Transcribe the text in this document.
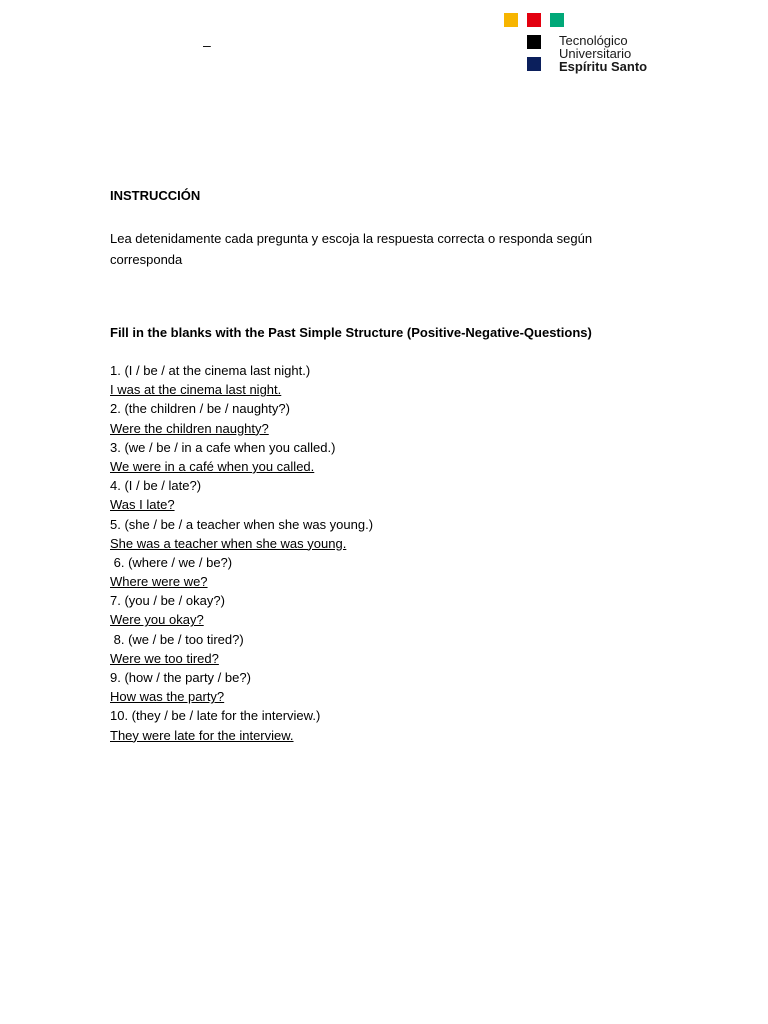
–	Tecnológico
Universitario
Espíritu Santo
INSTRUCCIÓN
Lea detenidamente cada pregunta y escoja la respuesta correcta o responda según corresponda
Fill in the blanks with the Past Simple Structure (Positive-Negative-Questions)
1. (I / be / at the cinema last night.)
I was at the cinema last night.
2. (the children / be / naughty?)
Were the children naughty?
3. (we / be / in a cafe when you called.)
We were in a café when you called.
4. (I / be / late?)
Was I late?
5. (she / be / a teacher when she was young.)
She was a teacher when she was young.
6. (where / we / be?)
Where were we?
7. (you / be / okay?)
Were you okay?
8. (we / be / too tired?)
Were we too tired?
9. (how / the party / be?)
How was the party?
10. (they / be / late for the interview.)
They were late for the interview.
